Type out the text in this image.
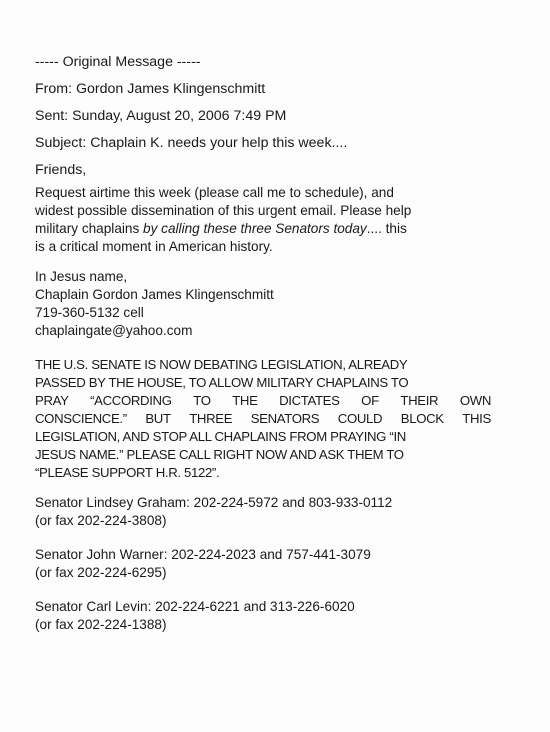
----- Original Message -----
From: Gordon James Klingenschmitt
Sent: Sunday, August 20, 2006 7:49 PM
Subject: Chaplain K. needs your help this week....
Friends,
Request airtime this week (please call me to schedule), and
widest possible dissemination of this urgent email. Please help
military chaplains by calling these three Senators today.... this
is a critical moment in American history.
In Jesus name,
Chaplain Gordon James Klingenschmitt
719-360-5132 cell
chaplaingate@yahoo.com
THE U.S. SENATE IS NOW DEBATING LEGISLATION, ALREADY
PASSED BY THE HOUSE, TO ALLOW MILITARY CHAPLAINS TO
PRAY “ACCORDING TO THE DICTATES OF THEIR OWN
CONSCIENCE.” BUT THREE SENATORS COULD BLOCK THIS
LEGISLATION, AND STOP ALL CHAPLAINS FROM PRAYING “IN
JESUS NAME.” PLEASE CALL RIGHT NOW AND ASK THEM TO
“PLEASE SUPPORT H.R. 5122”.
Senator Lindsey Graham: 202-224-5972 and 803-933-0112
(or fax 202-224-3808)
Senator John Warner: 202-224-2023 and 757-441-3079
(or fax 202-224-6295)
Senator Carl Levin: 202-224-6221 and 313-226-6020
(or fax 202-224-1388)
